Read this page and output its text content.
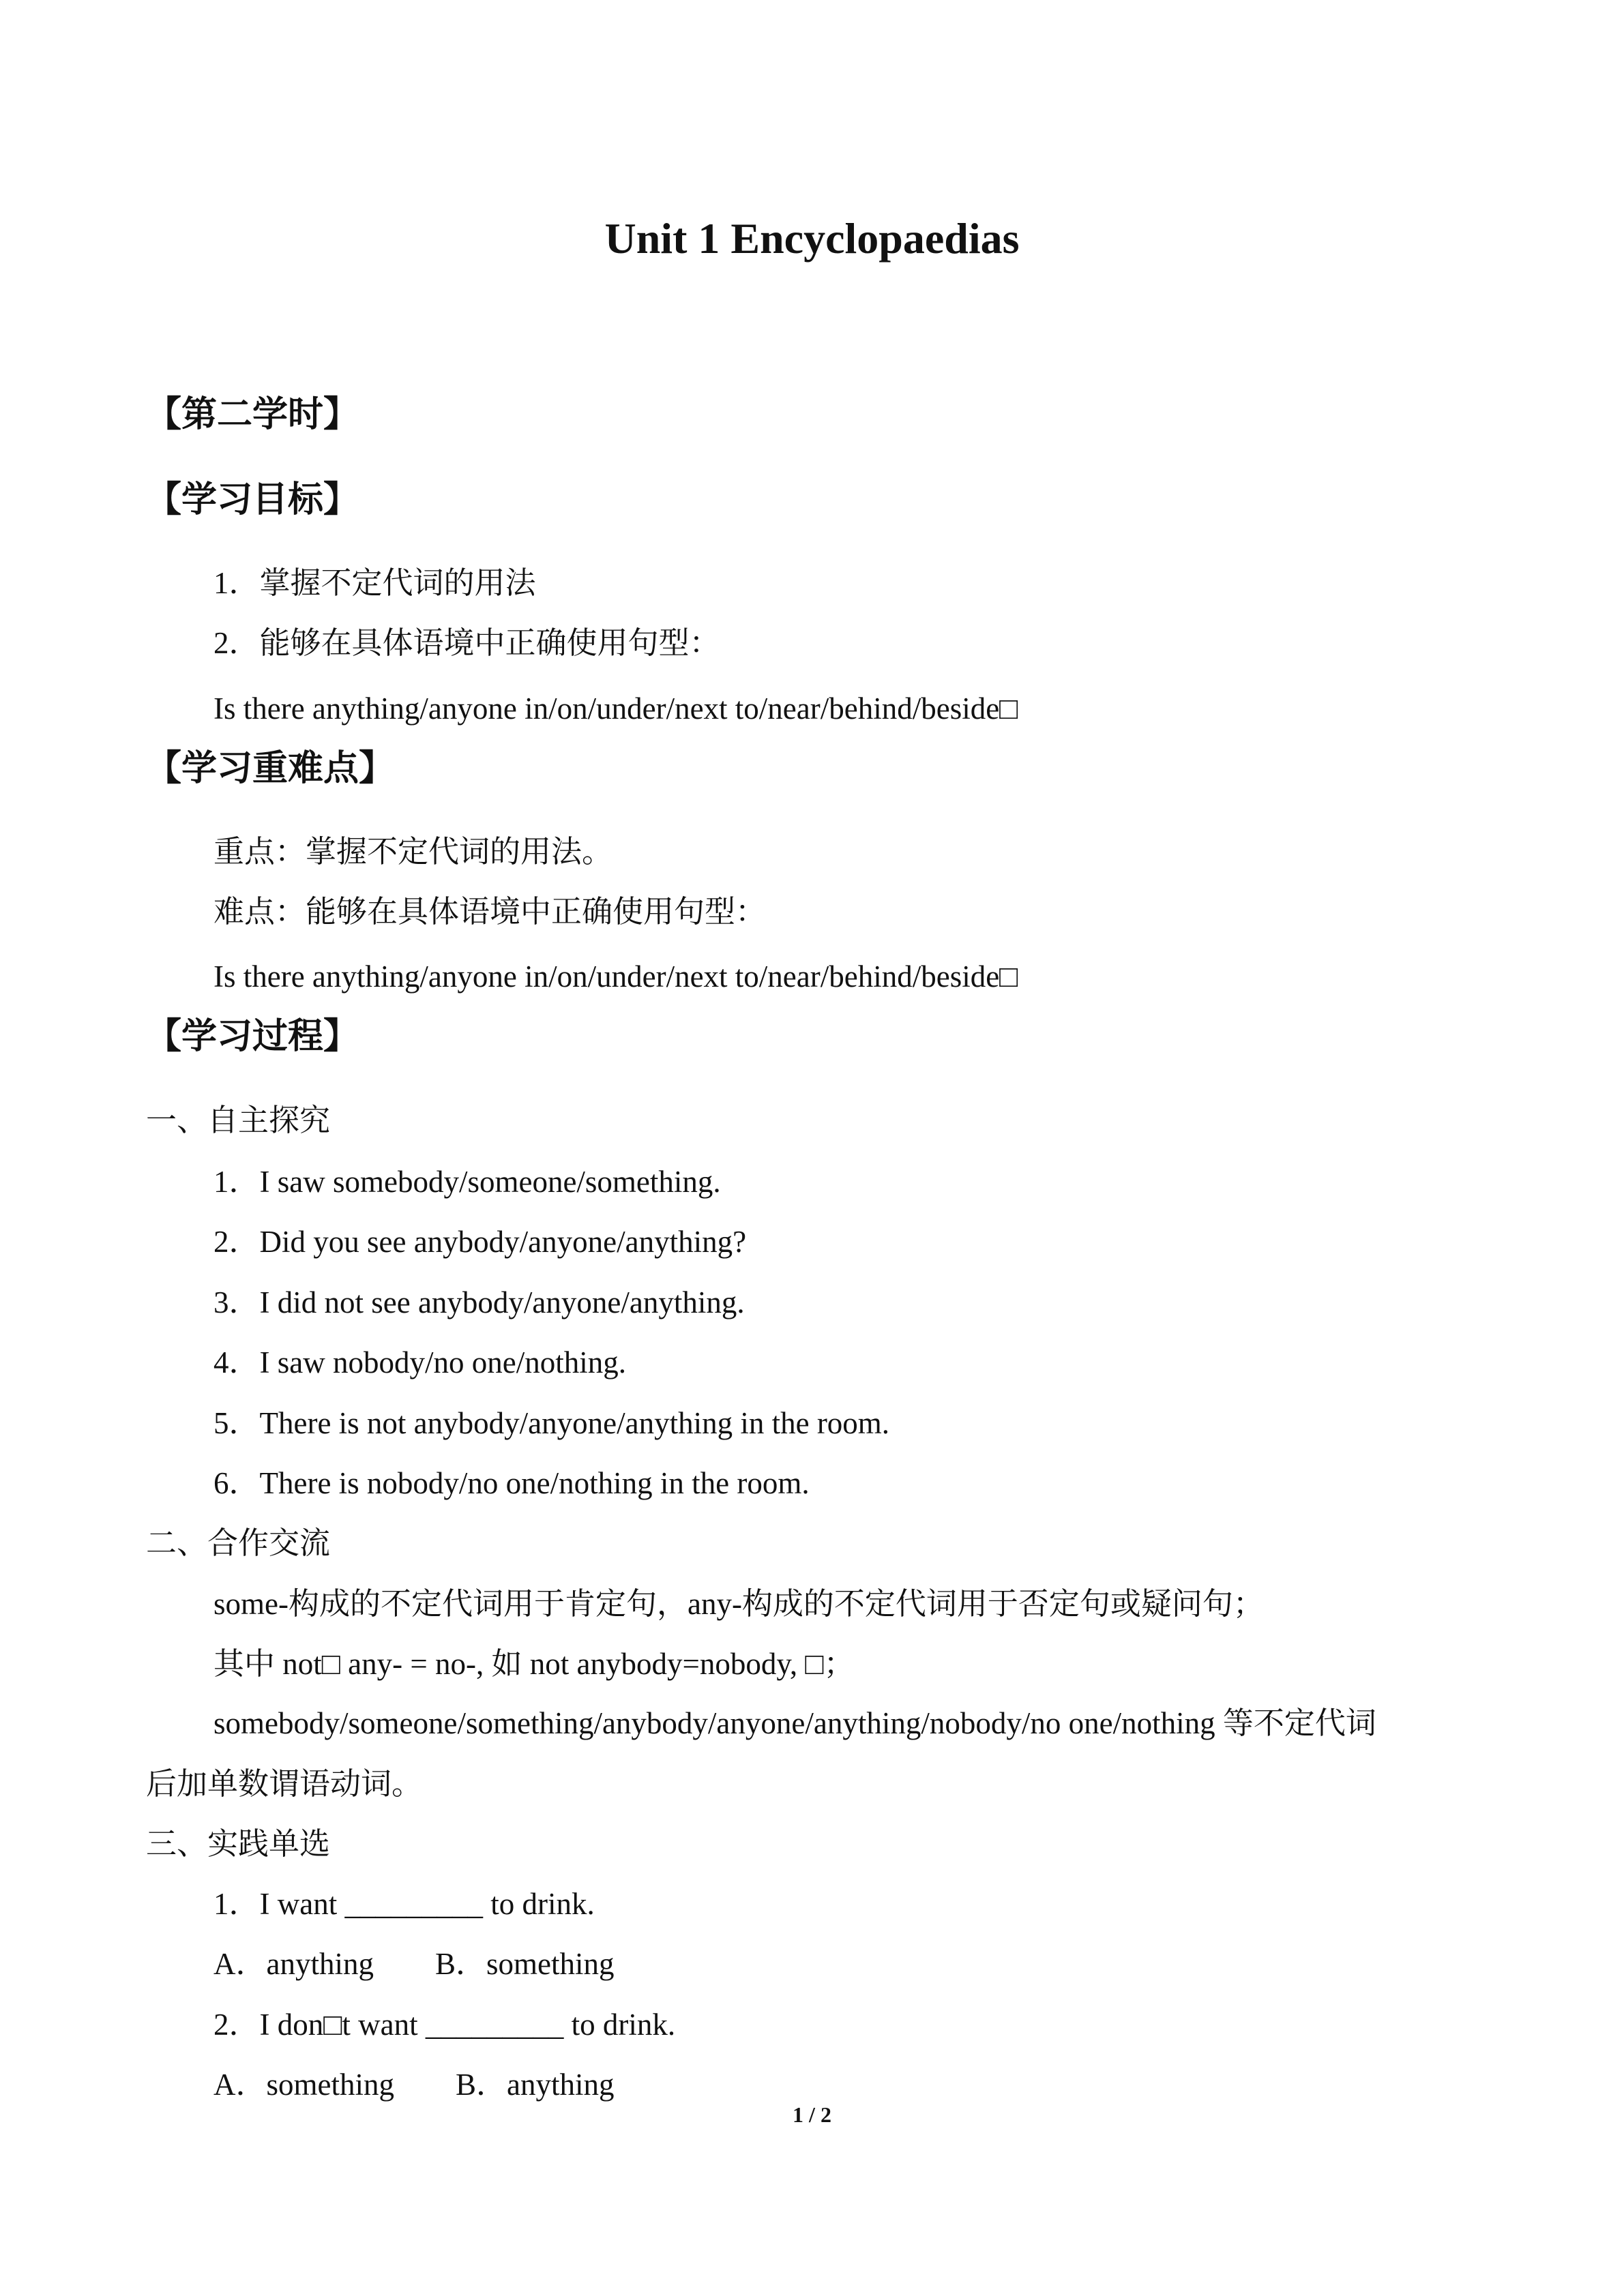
Unit 1 Encyclopaedias
【第二学时】
【学习目标】
1．掌握不定代词的用法
2．能够在具体语境中正确使用句型：
Is there anything/anyone in/on/under/next to/near/behind/beside□
【学习重难点】
重点：掌握不定代词的用法。
难点：能够在具体语境中正确使用句型：
Is there anything/anyone in/on/under/next to/near/behind/beside□
【学习过程】
一、自主探究
1．I saw somebody/someone/something.
2．Did you see anybody/anyone/anything?
3．I did not see anybody/anyone/anything.
4．I saw nobody/no one/nothing.
5．There is not anybody/anyone/anything in the room.
6．There is nobody/no one/nothing in the room.
二、合作交流
some-构成的不定代词用于肯定句，any-构成的不定代词用于否定句或疑问句；
其中 not□ any- = no-, 如 not anybody=nobody, □；
somebody/someone/something/anybody/anyone/anything/nobody/no one/nothing 等不定代词
后加单数谓语动词。
三、实践单选
1．I want _________ to drink.
A．anything　　B．something
2．I don□t want _________ to drink.
A．something　　B．anything
1 / 2
